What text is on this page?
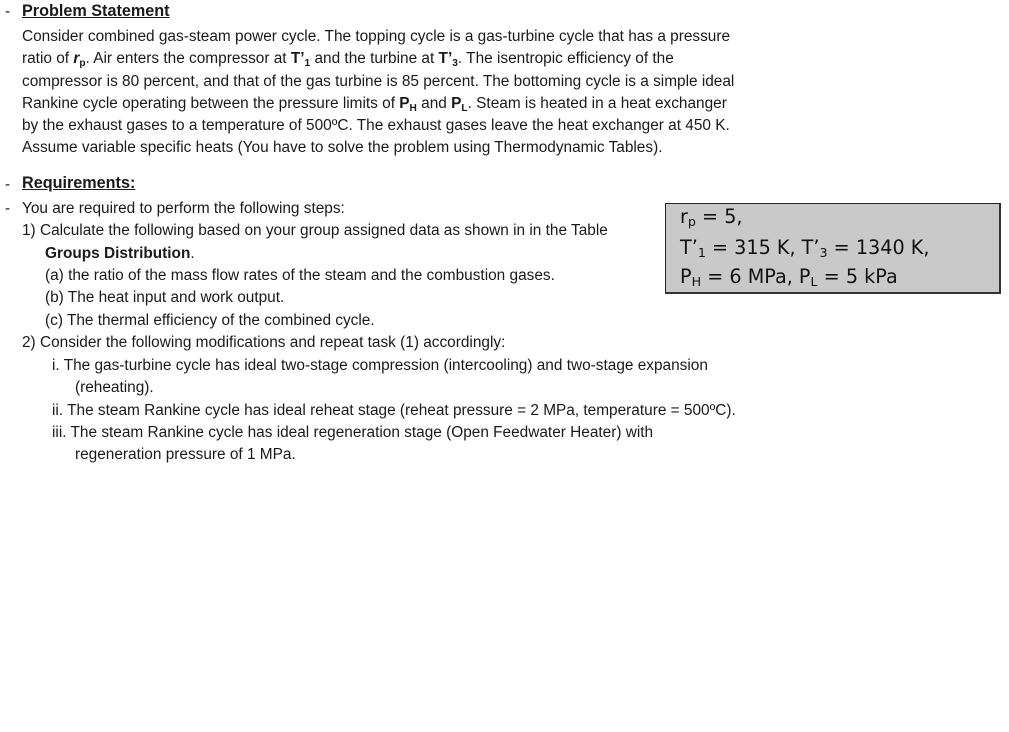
- Problem Statement
Consider combined gas-steam power cycle. The topping cycle is a gas-turbine cycle that has a pressure
ratio of $r_p$. Air enters the compressor at $T’_1$ and the turbine at $T’_3$. The isentropic efficiency of the
compressor is 80 percent, and that of the gas turbine is 85 percent. The bottoming cycle is a simple ideal
Rankine cycle operating between the pressure limits of $P_H$ and $P_L$. Steam is heated in a heat exchanger
by the exhaust gases to a temperature of 500ºC. The exhaust gases leave the heat exchanger at 450 K.
Assume variable specific heats (You have to solve the problem using Thermodynamic Tables).
- Requirements:
- You are required to perform the following steps:
1) Calculate the following based on your group assigned data as shown in in the Table
Groups Distribution.
(a) the ratio of the mass flow rates of the steam and the combustion gases.
(b) The heat input and work output.
(c) The thermal efficiency of the combined cycle.
2) Consider the following modifications and repeat task (1) accordingly:
i. The gas-turbine cycle has ideal two-stage compression (intercooling) and two-stage expansion
(reheating).
ii. The steam Rankine cycle has ideal reheat stage (reheat pressure = 2 MPa, temperature = 500ºC).
iii. The steam Rankine cycle has ideal regeneration stage (Open Feedwater Heater) with
regeneration pressure of 1 MPa.
$r_p = 5$,
$T’_1 = 315$ K, $T’_3 = 1340$ K,
$P_H = 6$ MPa, $P_L = 5$ kPa
